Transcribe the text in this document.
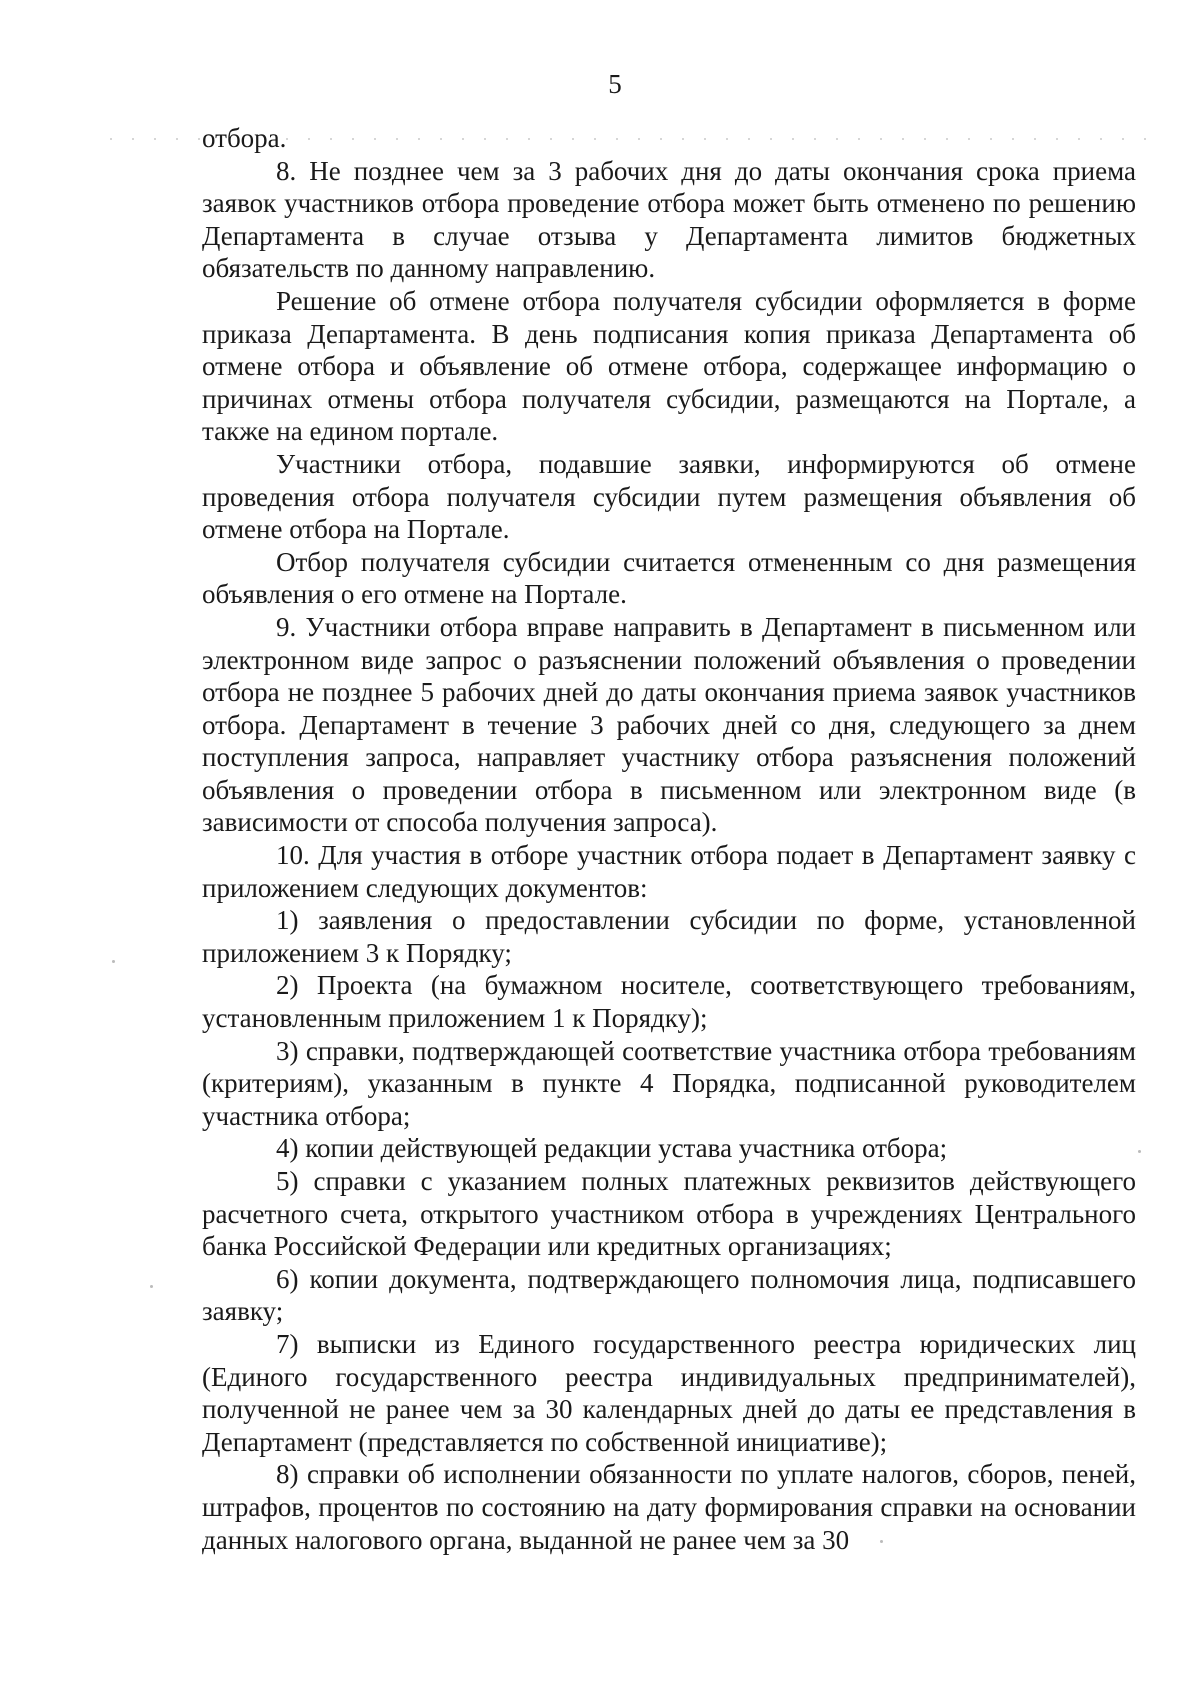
5

отбора.

8. Не позднее чем за 3 рабочих дня до даты окончания срока приема заявок участников отбора проведение отбора может быть отменено по решению Департамента в случае отзыва у Департамента лимитов бюджетных обязательств по данному направлению.

Решение об отмене отбора получателя субсидии оформляется в форме приказа Департамента. В день подписания копия приказа Департамента об отмене отбора и объявление об отмене отбора, содержащее информацию о причинах отмены отбора получателя субсидии, размещаются на Портале, а также на едином портале.

Участники отбора, подавшие заявки, информируются об отмене проведения отбора получателя субсидии путем размещения объявления об отмене отбора на Портале.

Отбор получателя субсидии считается отмененным со дня размещения объявления о его отмене на Портале.

9. Участники отбора вправе направить в Департамент в письменном или электронном виде запрос о разъяснении положений объявления о проведении отбора не позднее 5 рабочих дней до даты окончания приема заявок участников отбора. Департамент в течение 3 рабочих дней со дня, следующего за днем поступления запроса, направляет участнику отбора разъяснения положений объявления о проведении отбора в письменном или электронном виде (в зависимости от способа получения запроса).

10. Для участия в отборе участник отбора подает в Департамент заявку с приложением следующих документов:

1) заявления о предоставлении субсидии по форме, установленной приложением 3 к Порядку;

2) Проекта (на бумажном носителе, соответствующего требованиям, установленным приложением 1 к Порядку);

3) справки, подтверждающей соответствие участника отбора требованиям (критериям), указанным в пункте 4 Порядка, подписанной руководителем участника отбора;

4) копии действующей редакции устава участника отбора;

5) справки с указанием полных платежных реквизитов действующего расчетного счета, открытого участником отбора в учреждениях Центрального банка Российской Федерации или кредитных организациях;

6) копии документа, подтверждающего полномочия лица, подписавшего заявку;

7) выписки из Единого государственного реестра юридических лиц (Единого государственного реестра индивидуальных предпринимателей), полученной не ранее чем за 30 календарных дней до даты ее представления в Департамент (представляется по собственной инициативе);

8) справки об исполнении обязанности по уплате налогов, сборов, пеней, штрафов, процентов по состоянию на дату формирования справки на основании данных налогового органа, выданной не ранее чем за 30
